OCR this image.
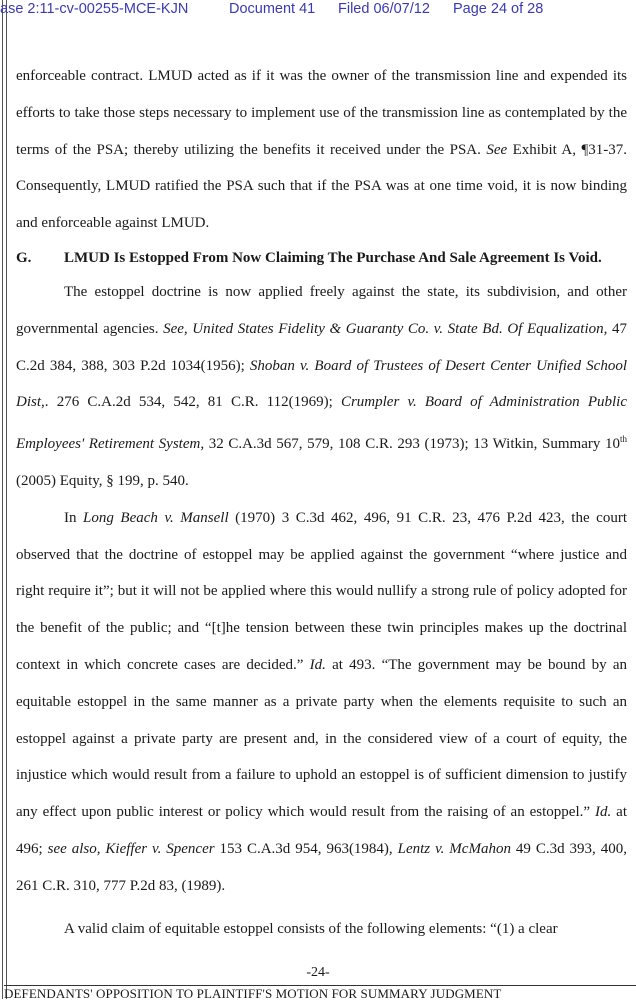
ase 2:11-cv-00255-MCE-KJN	Document 41 Filed 06/07/12 Page 24 of 28

enforceable contract. LMUD acted as if it was the owner of the transmission line and expended its efforts to take those steps necessary to implement use of the transmission line as contemplated by the terms of the PSA; thereby utilizing the benefits it received under the PSA. See Exhibit A, ¶31-37. Consequently, LMUD ratified the PSA such that if the PSA was at one time void, it is now binding and enforceable against LMUD.

G.	LMUD Is Estopped From Now Claiming The Purchase And Sale Agreement Is Void.

The estoppel doctrine is now applied freely against the state, its subdivision, and other governmental agencies. See, United States Fidelity & Guaranty Co. v. State Bd. Of Equalization, 47 C.2d 384, 388, 303 P.2d 1034(1956); Shoban v. Board of Trustees of Desert Center Unified School Dist,. 276 C.A.2d 534, 542, 81 C.R. 112(1969); Crumpler v. Board of Administration Public Employees' Retirement System, 32 C.A.3d 567, 579, 108 C.R. 293 (1973); 13 Witkin, Summary 10th (2005) Equity, § 199, p. 540.

In Long Beach v. Mansell (1970) 3 C.3d 462, 496, 91 C.R. 23, 476 P.2d 423, the court observed that the doctrine of estoppel may be applied against the government “where justice and right require it”; but it will not be applied where this would nullify a strong rule of policy adopted for the benefit of the public; and “[t]he tension between these twin principles makes up the doctrinal context in which concrete cases are decided.” Id. at 493. “The government may be bound by an equitable estoppel in the same manner as a private party when the elements requisite to such an estoppel against a private party are present and, in the considered view of a court of equity, the injustice which would result from a failure to uphold an estoppel is of sufficient dimension to justify any effect upon public interest or policy which would result from the raising of an estoppel.” Id. at 496; see also, Kieffer v. Spencer 153 C.A.3d 954, 963(1984), Lentz v. McMahon 49 C.3d 393, 400, 261 C.R. 310, 777 P.2d 83, (1989).

A valid claim of equitable estoppel consists of the following elements: “(1) a clear

-24-
DEFENDANTS' OPPOSITION TO PLAINTIFF'S MOTION FOR SUMMARY JUDGMENT
